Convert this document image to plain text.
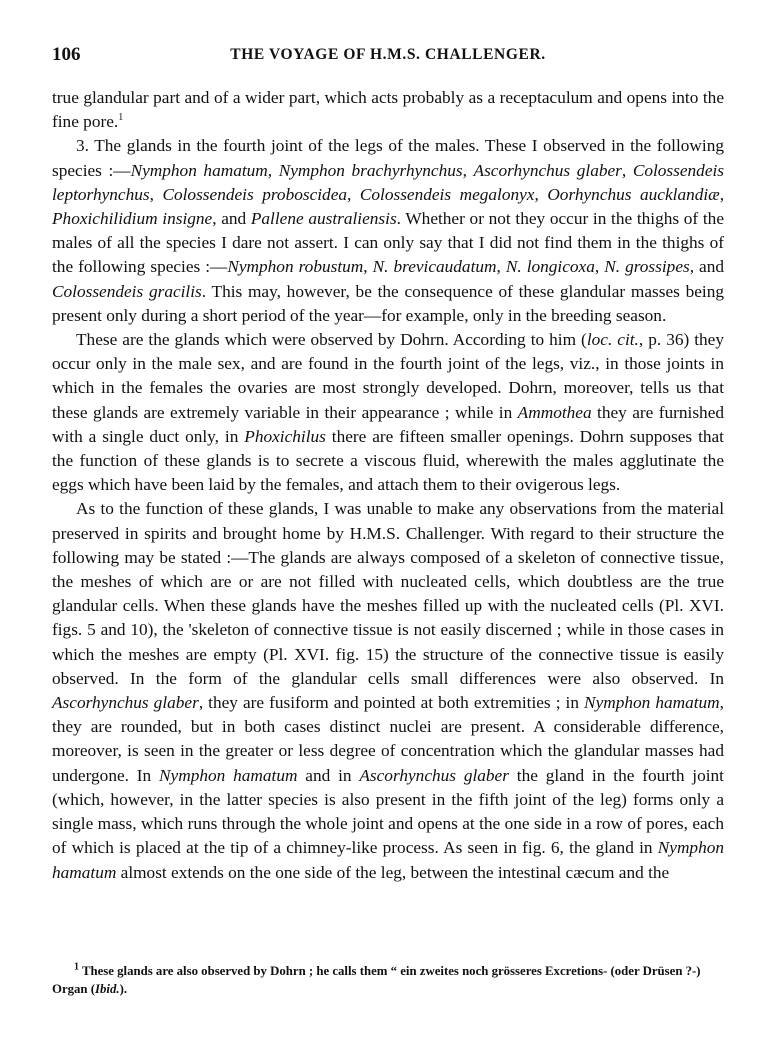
106	THE VOYAGE OF H.M.S. CHALLENGER.

true glandular part and of a wider part, which acts probably as a receptaculum and opens into the fine pore.$^1$

3. The glands in the fourth joint of the legs of the males. These I observed in the following species :—Nymphon hamatum, Nymphon brachyrhynchus, Ascorhynchus glaber, Colossendeis leptorhynchus, Colossendeis proboscidea, Colossendeis megalonyx, Oorhynchus aucklandiæ, Phoxichilidium insigne, and Pallene australiensis. Whether or not they occur in the thighs of the males of all the species I dare not assert. I can only say that I did not find them in the thighs of the following species :—Nymphon robustum, N. brevicaudatum, N. longicoxa, N. grossipes, and Colossendeis gracilis. This may, however, be the consequence of these glandular masses being present only during a short period of the year—for example, only in the breeding season.

These are the glands which were observed by Dohrn. According to him (loc. cit., p. 36) they occur only in the male sex, and are found in the fourth joint of the legs, viz., in those joints in which in the females the ovaries are most strongly developed. Dohrn, moreover, tells us that these glands are extremely variable in their appearance ; while in Ammothea they are furnished with a single duct only, in Phoxichilus there are fifteen smaller openings. Dohrn supposes that the function of these glands is to secrete a viscous fluid, wherewith the males agglutinate the eggs which have been laid by the females, and attach them to their ovigerous legs.

As to the function of these glands, I was unable to make any observations from the material preserved in spirits and brought home by H.M.S. Challenger. With regard to their structure the following may be stated :—The glands are always composed of a skeleton of connective tissue, the meshes of which are or are not filled with nucleated cells, which doubtless are the true glandular cells. When these glands have the meshes filled up with the nucleated cells (Pl. XVI. figs. 5 and 10), the 'skeleton of connective tissue is not easily discerned ; while in those cases in which the meshes are empty (Pl. XVI. fig. 15) the structure of the connective tissue is easily observed. In the form of the glandular cells small differences were also observed. In Ascorhynchus glaber, they are fusiform and pointed at both extremities ; in Nymphon hamatum, they are rounded, but in both cases distinct nuclei are present. A considerable difference, moreover, is seen in the greater or less degree of concentration which the glandular masses had undergone. In Nymphon hamatum and in Ascorhynchus glaber the gland in the fourth joint (which, however, in the latter species is also present in the fifth joint of the leg) forms only a single mass, which runs through the whole joint and opens at the one side in a row of pores, each of which is placed at the tip of a chimney-like process. As seen in fig. 6, the gland in Nymphon hamatum almost extends on the one side of the leg, between the intestinal cæcum and the

$^1$ These glands are also observed by Dohrn ; he calls them “ ein zweites noch grösseres Excretions- (oder Drüsen ?-) Organ (Ibid.).
